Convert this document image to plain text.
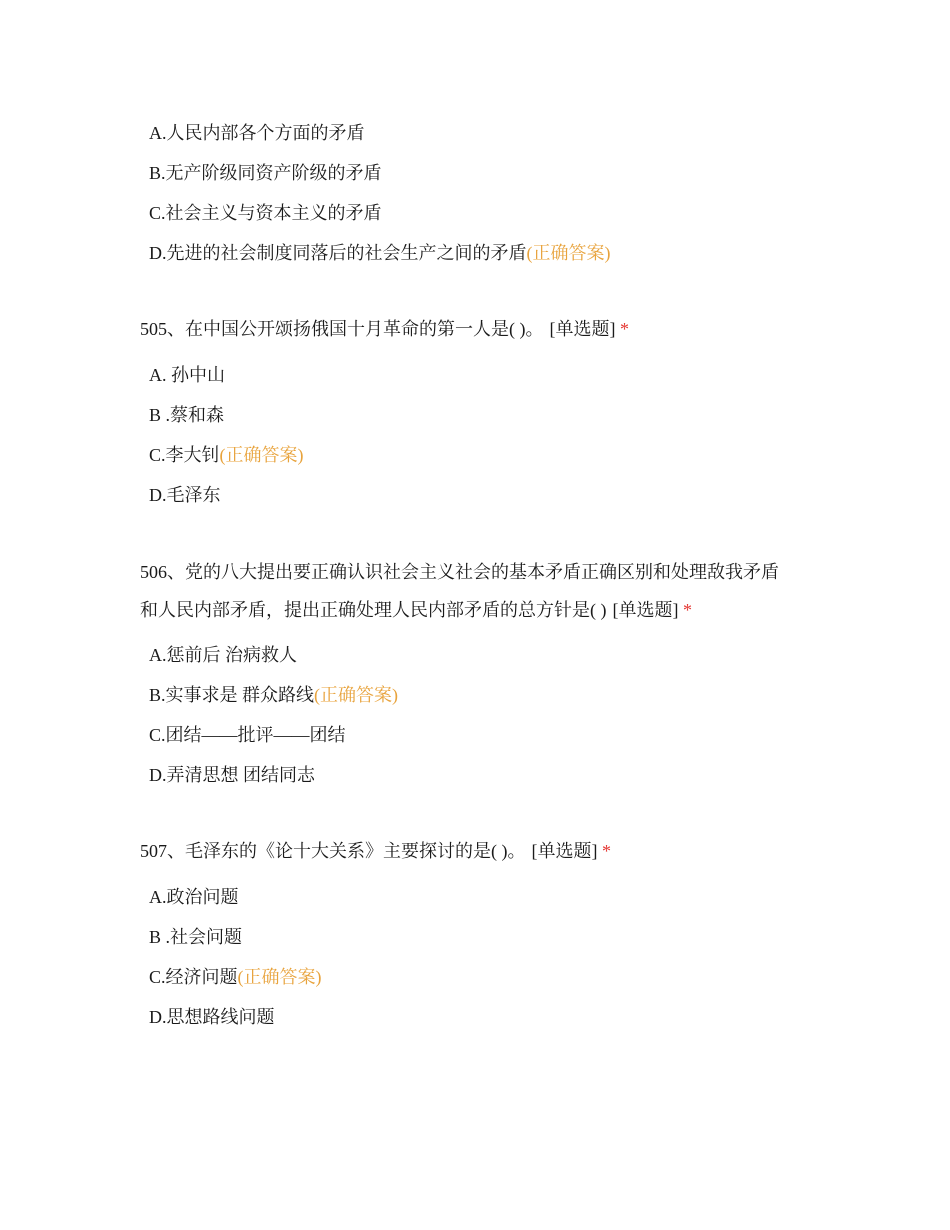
A.人民内部各个方面的矛盾
B.无产阶级同资产阶级的矛盾
C.社会主义与资本主义的矛盾
D.先进的社会制度同落后的社会生产之间的矛盾(正确答案)
505、在中国公开颂扬俄国十月革命的第一人是( )。 [单选题] *
A. 孙中山
B .蔡和森
C.李大钊(正确答案)
D.毛泽东
506、党的八大提出要正确认识社会主义社会的基本矛盾正确区别和处理敌我矛盾
和人民内部矛盾，提出正确处理人民内部矛盾的总方针是( ) [单选题] *
A.惩前后 治病救人
B.实事求是 群众路线(正确答案)
C.团结——批评——团结
D.弄清思想 团结同志
507、毛泽东的《论十大关系》主要探讨的是( )。 [单选题] *
A.政治问题
B .社会问题
C.经济问题(正确答案)
D.思想路线问题
